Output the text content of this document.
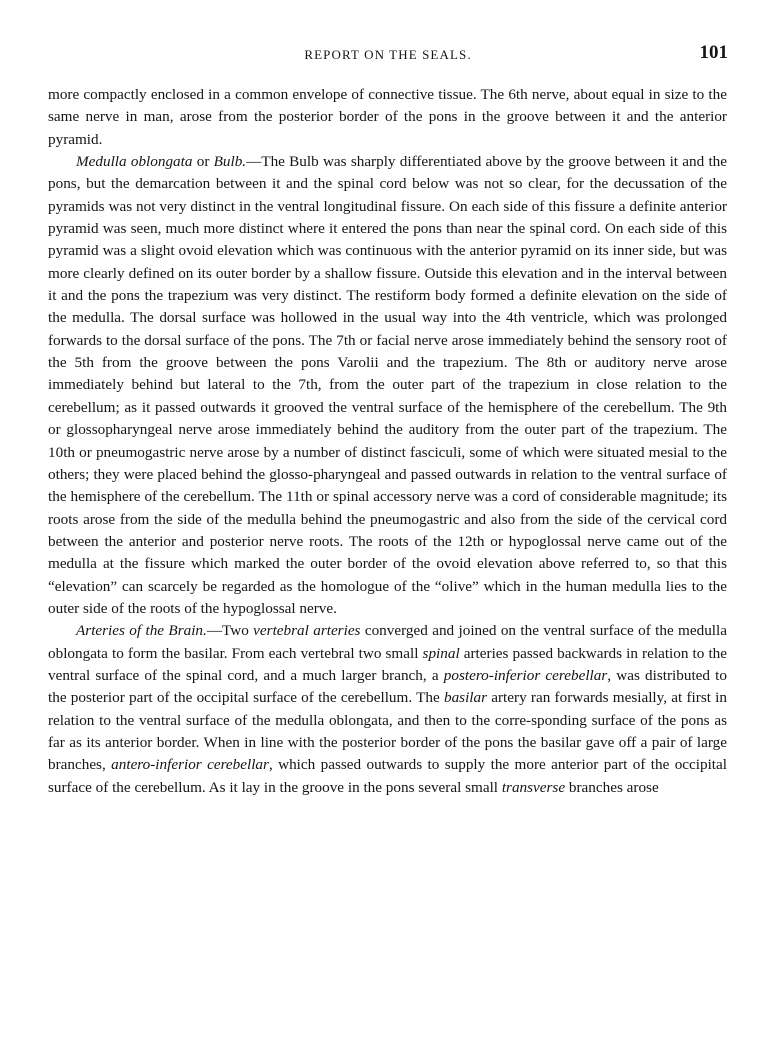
REPORT ON THE SEALS.	101

more compactly enclosed in a common envelope of connective tissue. The 6th nerve, about equal in size to the same nerve in man, arose from the posterior border of the pons in the groove between it and the anterior pyramid.

Medulla oblongata or Bulb.—The Bulb was sharply differentiated above by the groove between it and the pons, but the demarcation between it and the spinal cord below was not so clear, for the decussation of the pyramids was not very distinct in the ventral longitudinal fissure. On each side of this fissure a definite anterior pyramid was seen, much more distinct where it entered the pons than near the spinal cord. On each side of this pyramid was a slight ovoid elevation which was continuous with the anterior pyramid on its inner side, but was more clearly defined on its outer border by a shallow fissure. Outside this elevation and in the interval between it and the pons the trapezium was very distinct. The restiform body formed a definite elevation on the side of the medulla. The dorsal surface was hollowed in the usual way into the 4th ventricle, which was prolonged forwards to the dorsal surface of the pons. The 7th or facial nerve arose immediately behind the sensory root of the 5th from the groove between the pons Varolii and the trapezium. The 8th or auditory nerve arose immediately behind but lateral to the 7th, from the outer part of the trapezium in close relation to the cerebellum; as it passed outwards it grooved the ventral surface of the hemisphere of the cerebellum. The 9th or glossopharyngeal nerve arose immediately behind the auditory from the outer part of the trapezium. The 10th or pneumogastric nerve arose by a number of distinct fasciculi, some of which were situated mesial to the others; they were placed behind the glosso-pharyngeal and passed outwards in relation to the ventral surface of the hemisphere of the cerebellum. The 11th or spinal accessory nerve was a cord of considerable magnitude; its roots arose from the side of the medulla behind the pneumogastric and also from the side of the cervical cord between the anterior and posterior nerve roots. The roots of the 12th or hypoglossal nerve came out of the medulla at the fissure which marked the outer border of the ovoid elevation above referred to, so that this “elevation” can scarcely be regarded as the homologue of the “olive” which in the human medulla lies to the outer side of the roots of the hypoglossal nerve.

Arteries of the Brain.—Two vertebral arteries converged and joined on the ventral surface of the medulla oblongata to form the basilar. From each vertebral two small spinal arteries passed backwards in relation to the ventral surface of the spinal cord, and a much larger branch, a postero-inferior cerebellar, was distributed to the posterior part of the occipital surface of the cerebellum. The basilar artery ran forwards mesially, at first in relation to the ventral surface of the medulla oblongata, and then to the corre-sponding surface of the pons as far as its anterior border. When in line with the posterior border of the pons the basilar gave off a pair of large branches, antero-inferior cerebellar, which passed outwards to supply the more anterior part of the occipital surface of the cerebellum. As it lay in the groove in the pons several small transverse branches arose
